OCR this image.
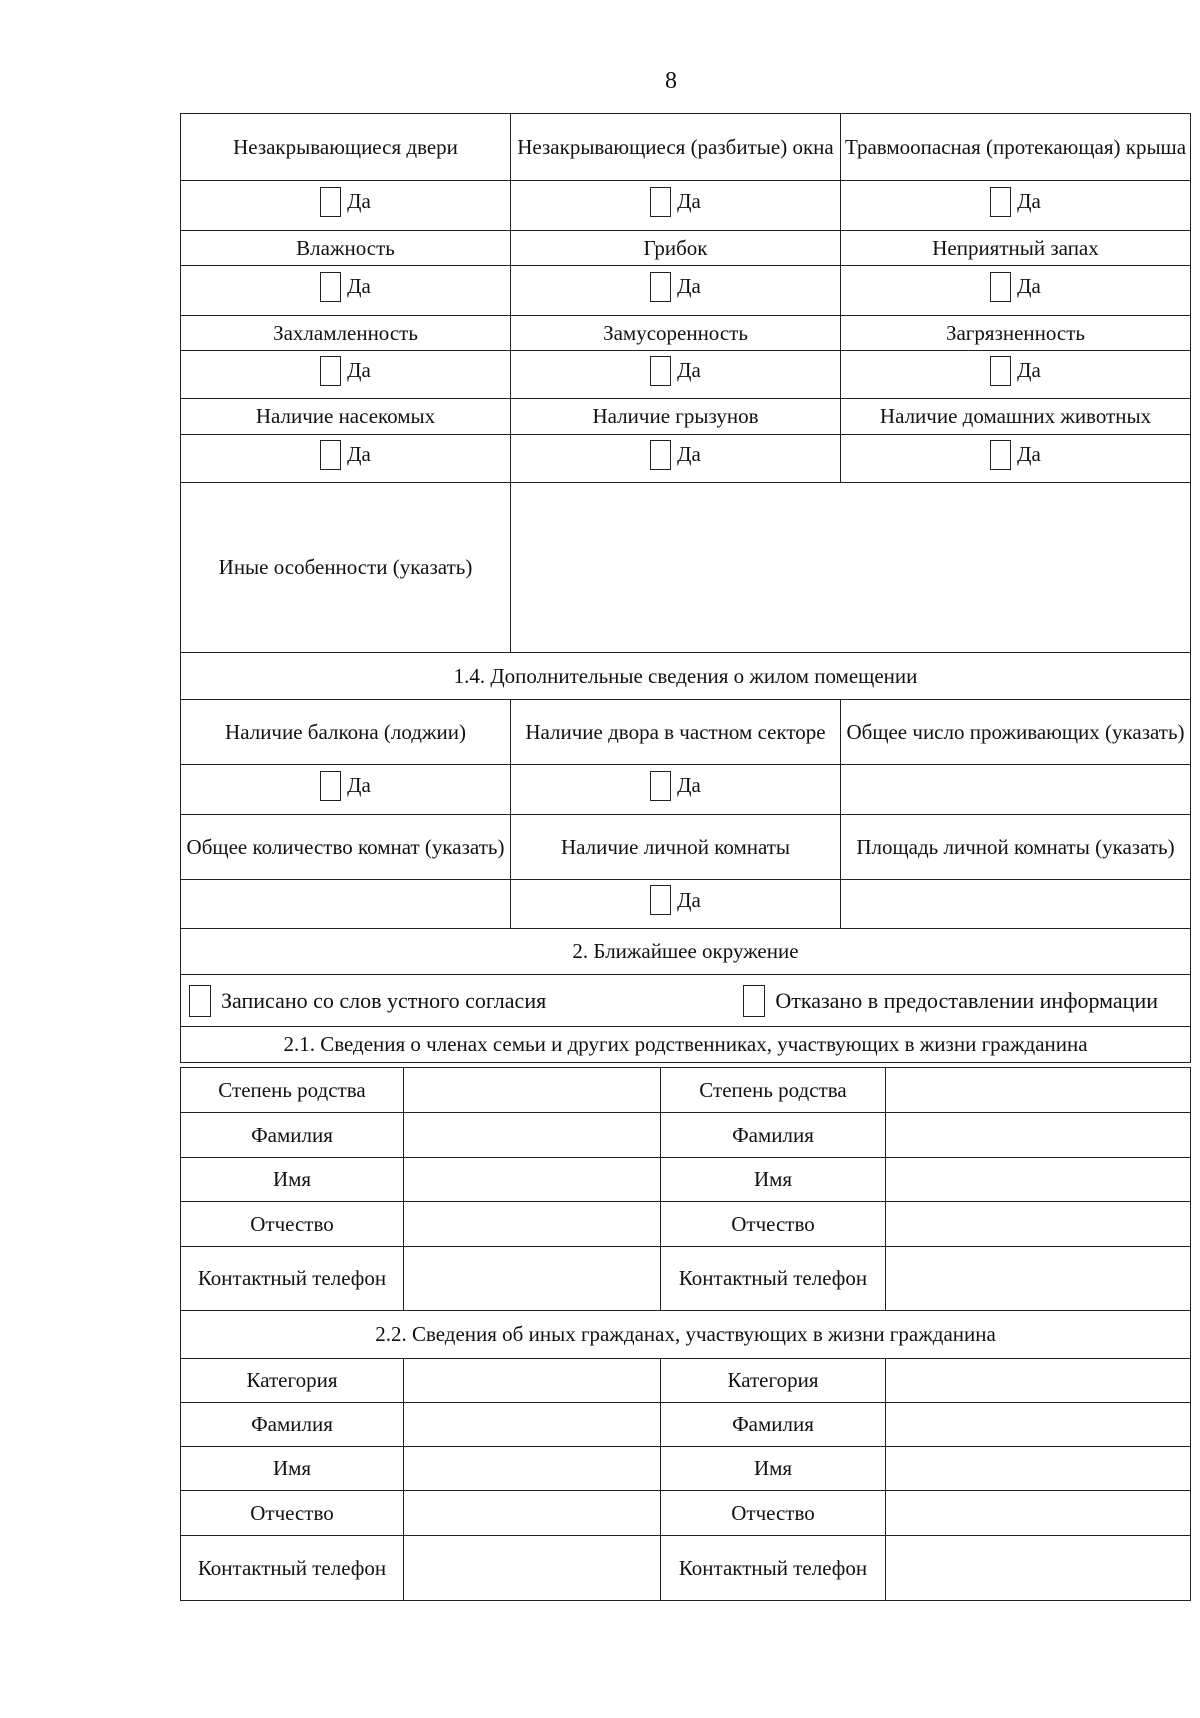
8
Незакрывающиеся двери	Незакрывающиеся (разбитые) окна	Травмоопасная (протекающая) крыша

Да	Да	Да

Влажность	Грибок	Неприятный запах

Да	Да	Да

Захламленность	Замусоренность	Загрязненность

Да	Да	Да

Наличие насекомых	Наличие грызунов	Наличие домашних животных

Да	Да	Да

Иные особенности (указать)		
1.4. Дополнительные сведения о жилом помещении		
Наличие балкона (лоджии)	Наличие двора в частном секторе	Общее число проживающих (указать)

Да	Да	

Общее количество комнат (указать)	Наличие личной комнаты	Площадь личной комнаты (указать)

	Да	

2. Ближайшее окружение		

Записано со слов устного согласия Отказано в предоставлении информации		

2.1. Сведения о членах семьи и других родственниках, участвующих в жизни гражданина		
Степень родства		Степень родства	
Фамилия		Фамилия	
Имя		Имя	
Отчество		Отчество	
Контактный телефон		Контактный телефон	
2.2. Сведения об иных гражданах, участвующих в жизни гражданина			
Категория		Категория	
Фамилия		Фамилия	
Имя		Имя	
Отчество		Отчество	
Контактный телефон		Контактный телефон	
